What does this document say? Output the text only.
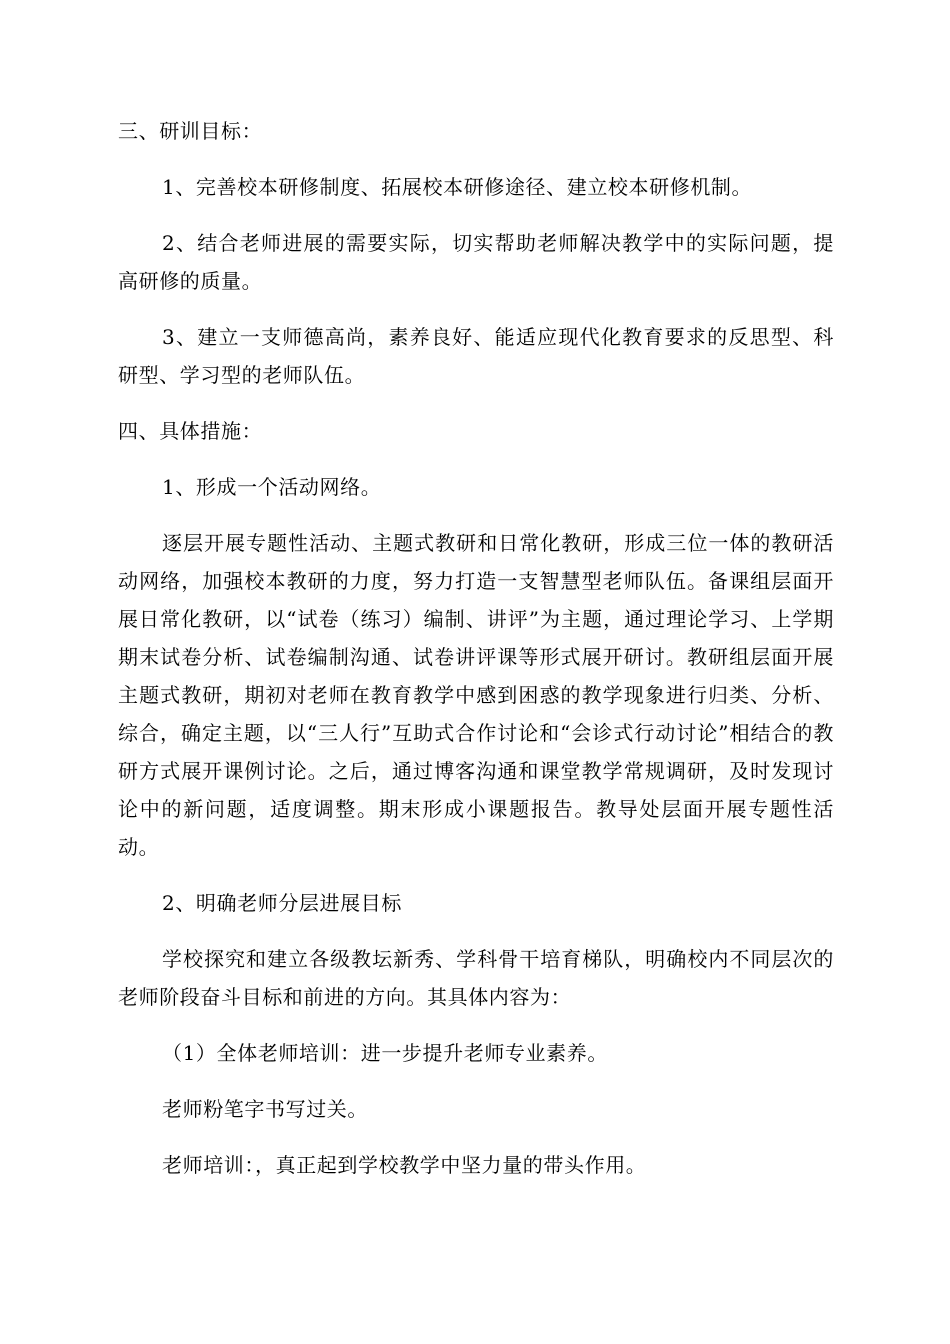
三、研训目标：

1、完善校本研修制度、拓展校本研修途径、建立校本研修机制。

2、结合老师进展的需要实际，切实帮助老师解决教学中的实际问题，提高研修的质量。

3、建立一支师德高尚，素养良好、能适应现代化教育要求的反思型、科研型、学习型的老师队伍。

四、具体措施：

1、形成一个活动网络。

逐层开展专题性活动、主题式教研和日常化教研，形成三位一体的教研活动网络，加强校本教研的力度，努力打造一支智慧型老师队伍。备课组层面开展日常化教研，以“试卷（练习）编制、讲评”为主题，通过理论学习、上学期期末试卷分析、试卷编制沟通、试卷讲评课等形式展开研讨。教研组层面开展主题式教研，期初对老师在教育教学中感到困惑的教学现象进行归类、分析、综合，确定主题，以“三人行”互助式合作讨论和“会诊式行动讨论”相结合的教研方式展开课例讨论。之后，通过博客沟通和课堂教学常规调研，及时发现讨论中的新问题，适度调整。期末形成小课题报告。教导处层面开展专题性活动。

2、明确老师分层进展目标

学校探究和建立各级教坛新秀、学科骨干培育梯队，明确校内不同层次的老师阶段奋斗目标和前进的方向。其具体内容为：

（1）全体老师培训：进一步提升老师专业素养。

老师粉笔字书写过关。

老师培训：，真正起到学校教学中坚力量的带头作用。
